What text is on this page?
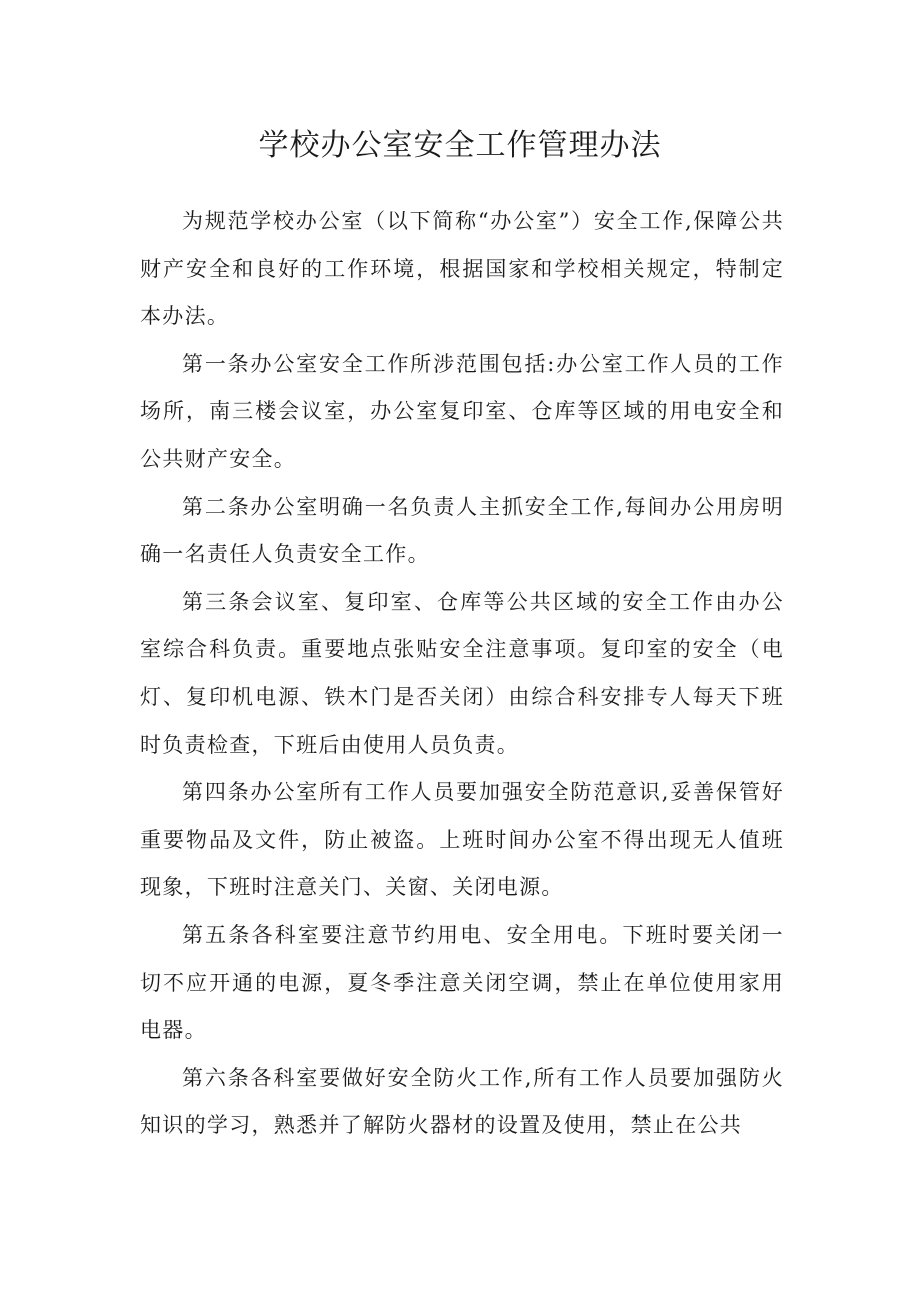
学校办公室安全工作管理办法

为规范学校办公室（以下简称“办公室”）安全工作,保障公共财产安全和良好的工作环境，根据国家和学校相关规定，特制定本办法。

第一条办公室安全工作所涉范围包括:办公室工作人员的工作场所，南三楼会议室，办公室复印室、仓库等区域的用电安全和公共财产安全。

第二条办公室明确一名负责人主抓安全工作,每间办公用房明确一名责任人负责安全工作。

第三条会议室、复印室、仓库等公共区域的安全工作由办公室综合科负责。重要地点张贴安全注意事项。复印室的安全（电灯、复印机电源、铁木门是否关闭）由综合科安排专人每天下班时负责检查，下班后由使用人员负责。

第四条办公室所有工作人员要加强安全防范意识,妥善保管好重要物品及文件，防止被盗。上班时间办公室不得出现无人值班现象，下班时注意关门、关窗、关闭电源。

第五条各科室要注意节约用电、安全用电。下班时要关闭一切不应开通的电源，夏冬季注意关闭空调，禁止在单位使用家用电器。

第六条各科室要做好安全防火工作,所有工作人员要加强防火知识的学习，熟悉并了解防火器材的设置及使用，禁止在公共
